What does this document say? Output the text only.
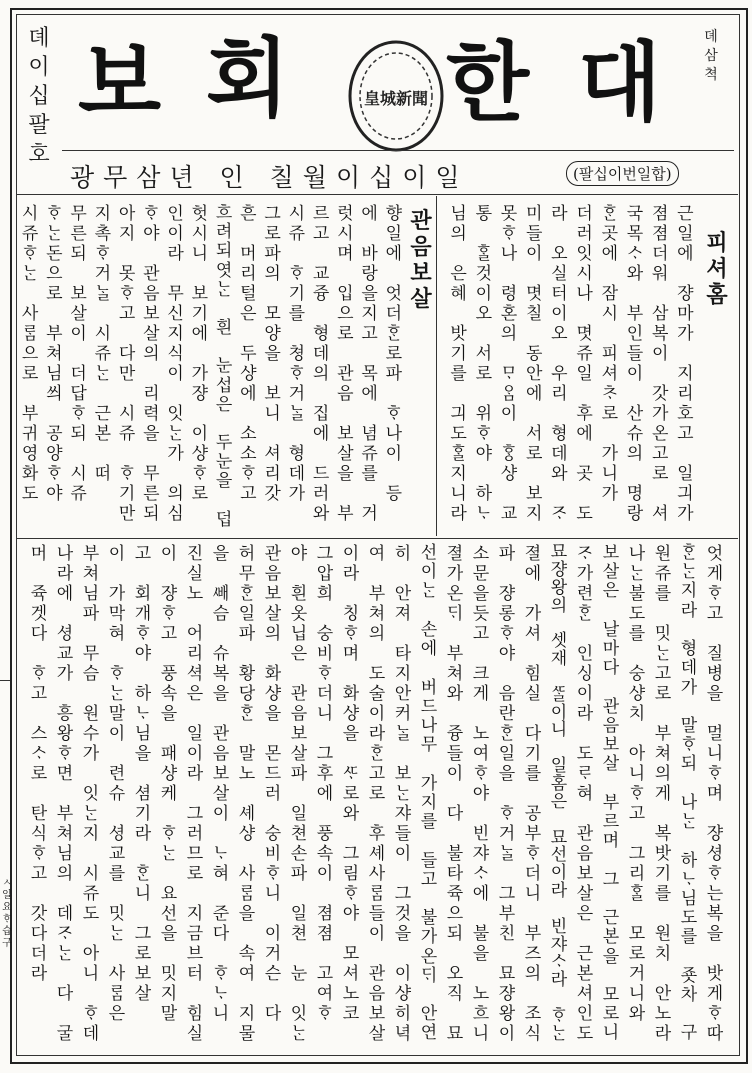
대
한
회
보	皇城新聞
뎨
삼
쳑
뎨
이
십
팔
호
광무삼년 인 칠월이십이일	(팔십이번일합)
근
일
에

쟝
마
가

지
리
호
고

일
긔
가
졈
졈
더
워

삼
복
이

갓
가
온
고
로

셔
국
목
ᄉᆞ
와

부
인
들
이

산
슈
의

명
랑
ᄒᆞᆫ
곳
에

잠
시

피
셔
ᄎᆞ
로

가
니
가
더
러
잇
시
나

몃
쥬
일

후
에

곳

도
라

오
실
터
이
오

우
리

형
데
와

ᄌᆞ
미
들
이

몃
칠

동
안
에

서
로

보
지
못
ᄒᆞ
나

령
혼
의

ᄆᆞ
ᄋᆞᆷ
이

ᄒᆞᆼ
샹

교
통

ᄒᆞᆯ
것
이
오

서
로

위
ᄒᆞ
야

하
ᄂᆞ
님
의

은
혜

밧
기
를

긔
도
ᄒᆞᆯ
지
니
라
피
셔
홈
관
음
보
살
향
일
에

엇
더
ᄒᆞᆫ
로
파

ᄒᆞ
나
이

등
에

바
랑
을
지
고

목
에

념
쥬
를

거
럿
시
며

입
으
로

관
음

보
살
을

부
르
고

교
즁

형
데
의

집
에

드
러
와
시
쥬

ᄒᆞ
기
를

쳥
ᄒᆞ
거
ᄂᆞᆯ

형
데
가
그
로
파
의

모
양
을

보
니

셔
리
갓
흔

머
리
털
은

두
샹
에

소
소
ᄒᆞ
고
흐
려
되
엿
ᄂᆞᆫ

흰

눈
섭
은

두
눈
을

덥
헛
시
니

보
기
에

가
쟝

이
샹
ᄒᆞ
로
인
이
라

무
신
지
식
이

잇
ᄂᆞᆫ
가

의
심
ᄒᆞ
야

관
음
보
살
의

리
력
을

무
른
되
아
지

못
ᄒᆞ
고

다
만

시
쥬

ᄒᆞ
기
만
지
촉
ᄒᆞ
거
ᄂᆞᆯ

시
쥬
ᄂᆞᆫ

근
본

떠
무
른
되

보
살
이

더
답
ᄒᆞ
되

시
쥬
ᄒᆞ
ᄂᆞᆫ
돈
으
로

부
쳐
님
씌

공
양
ᄒᆞ
야
시
쥬
ᄒᆞ
ᄂᆞᆫ

사
ᄅᆞᆷ
으
로

부
귀
영
화
도
엇
게
ᄒᆞ
고

질
병
을

멀
니
ᄒᆞ
며

쟝
셩
ᄒᆞ
는
복
을

밧
게
ᄒᆞ
따
ᄒᆞᆫ
ᄂᆞᆫ
지
라

형
데
가

말
ᄒᆞ
되

나
ᄂᆞᆫ

하
ᄂᆞ
님
도
를

죳
차

구
원
쥬
를

밋
ᄂᆞᆫ
고
로

부
쳐
의
게

복
밧
기
를

원
치

안
노
라
나
ᄂᆞᆫ
불
도
를

숭
샹
치

아
니
ᄒᆞ
고

그
리
ᄒᆞᆯ

모
로
거
니
와
보
살
은

날
마
다

관
음
보
살

부
르
며

그

근
본
을

모
로
니
ᄌᆞ
가
련
ᄒᆞᆫ

인
싱
이
라

도
ᄅᆞ
혀

관
음
보
살
은

근
본
셔
인
도
묘
쟝
왕
의

셋
재

ᄯᆞᆯ
이
니

일
홈
은

묘
선
이
라

빈
쟈
ᄉᆞ
라

ᄒᆞ
ᄂᆞᆫ
졀
에

가
셔

힘
실

다
기
를

공
부
ᄒᆞ
더
니

부
즈
의

조
식
파

쟝
롱
ᄒᆞ
야

음
란
ᄒᆞᆫ
일
을

ᄒᆞ
거
ᄂᆞᆯ

그
부
친

묘
쟝
왕
이
소
문
을
듯
고

크
게

노
여
ᄒᆞ
야

빈
쟈
ᄉᆞ
에

불
을

노
흐
니
졀
가
온
ᄃᆡ

부
쳐
와

즁
들
이

다

불
타
쥭
으
되

오
직

묘
선
이
ᄂᆞᆫ

손
에

버
드
나
무

가
지
를

들
고

불
가
온
ᄃᆡ

안
연
히

안
져

타
지
안
커
ᄂᆞᆯ

보
ᄂᆞᆫ
쟈
들
이

그
것
을

이
샹
히
녁
여

부
쳐
의

도
술
이
라
ᄒᆞᆫ
고
로

후
셰
사
ᄅᆞᆷ
들
이

관
음
보
살
이
라

칭
ᄒᆞ
며

화
샹
을

ᄯᆞ
로
와

그
림
ᄒᆞ
야

모
셔
노
코
그
압
희

숭
비
ᄒᆞ
더
니

그
후
에

풍
속
이

졈
졈

고
여
ᄒᆞ
야

흰
옷
닙
은

관
음
보
살
파

일
쳔
손
파

일
쳔

눈

잇
ᄂᆞᆫ
관
음
보
살
의

화
샹
을

몬
드
러

숭
비
ᄒᆞ
니

이
거
슨

다
허
무
ᄒᆞᆫ
일
파

황
당
ᄒᆞᆫ

말
노

셰
샹

사
ᄅᆞᆷ
을

속
여

지
물
을

ᄲᅢ
슴

슈
복
을

관
음
보
살
이

ᄂᆞ
혀

준
다

ᄒᆞ
ᄂᆞ
니
진
실
노

어
리
셕
은

일
이
라

그
러
므
로

지
금
브
터

힘
실
이

쟝
ᄒᆞ
고

풍
속
을

패
샹
케

ᄒᆞ
ᄂᆞᆫ

요
선
을

밋
지
말
고

회
개
ᄒᆞ
야

하
ᄂᆞ
님
을

셤
기
라

ᄒᆞᆫ
니

그
로
보
살
이

가
막
혀

ᄒᆞ
ᄂᆞᆫ
말
이

련
슈

셩
교
를

밋
ᄂᆞᆫ

사
ᄅᆞᆷ
은
부
쳐
님
파

무
슴

원
수
가

잇
ᄂᆞᆫ
지

시
쥬
도

아
니

ᄒᆞ
데
나
라
에

셩
교
가

흥
왕
ᄒᆞ
면

부
쳐
님
의

데
ᄌᆞ
ᄂᆞᆫ

다

굴
머

쥭
겟
다

ᄒᆞ
고

스
ᄉᆞ
로

탄
식
ᄒᆞ
고

갓
다
더
라
ㅅ
일
요
ᄒᆞ
습
구
